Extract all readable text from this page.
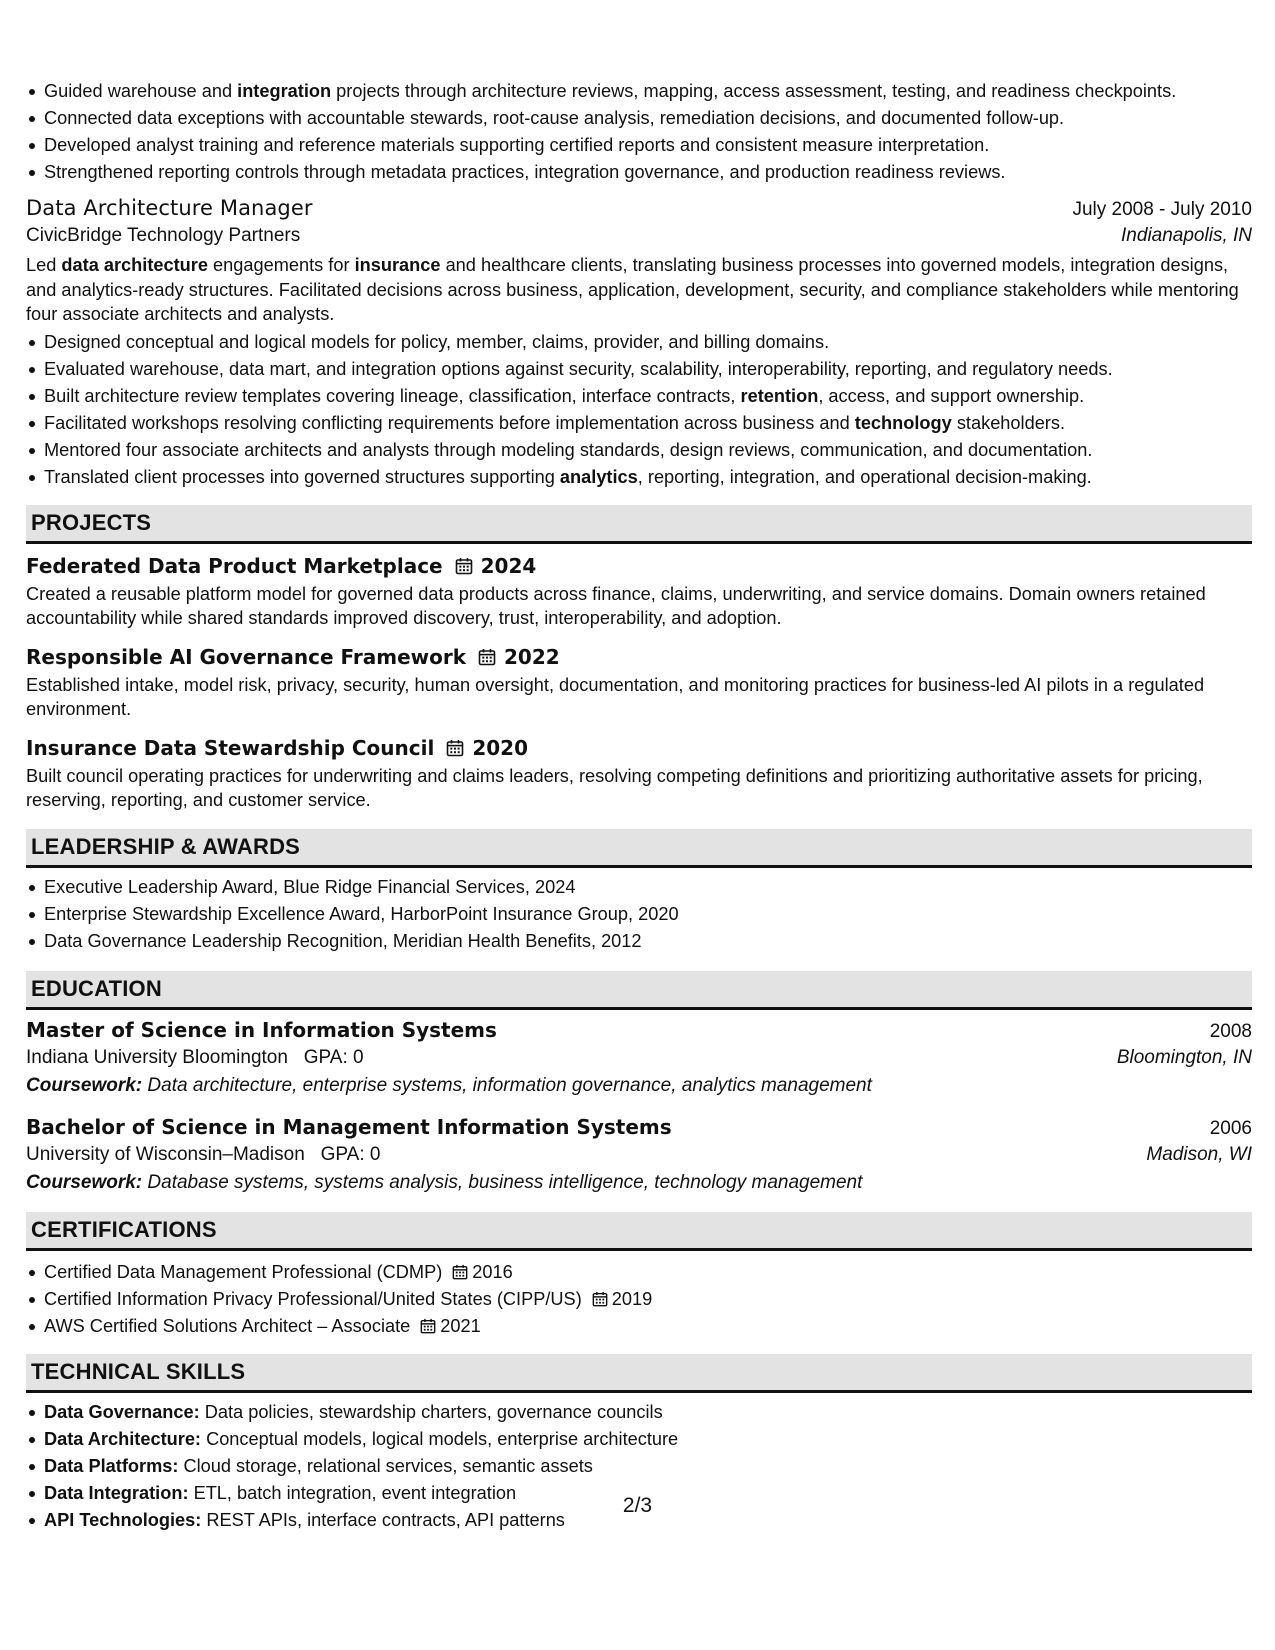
Guided warehouse and integration projects through architecture reviews, mapping, access assessment, testing, and readiness checkpoints.
Connected data exceptions with accountable stewards, root-cause analysis, remediation decisions, and documented follow-up.
Developed analyst training and reference materials supporting certified reports and consistent measure interpretation.
Strengthened reporting controls through metadata practices, integration governance, and production readiness reviews.
Data Architecture Manager	July 2008 - July 2010
CivicBridge Technology Partners	Indianapolis, IN
Led data architecture engagements for insurance and healthcare clients, translating business processes into governed models, integration designs, and analytics-ready structures. Facilitated decisions across business, application, development, security, and compliance stakeholders while mentoring four associate architects and analysts.
Designed conceptual and logical models for policy, member, claims, provider, and billing domains.
Evaluated warehouse, data mart, and integration options against security, scalability, interoperability, reporting, and regulatory needs.
Built architecture review templates covering lineage, classification, interface contracts, retention, access, and support ownership.
Facilitated workshops resolving conflicting requirements before implementation across business and technology stakeholders.
Mentored four associate architects and analysts through modeling standards, design reviews, communication, and documentation.
Translated client processes into governed structures supporting analytics, reporting, integration, and operational decision-making.
PROJECTS
Federated Data Product Marketplace 2024
Created a reusable platform model for governed data products across finance, claims, underwriting, and service domains. Domain owners retained accountability while shared standards improved discovery, trust, interoperability, and adoption.
Responsible AI Governance Framework 2022
Established intake, model risk, privacy, security, human oversight, documentation, and monitoring practices for business-led AI pilots in a regulated environment.
Insurance Data Stewardship Council 2020
Built council operating practices for underwriting and claims leaders, resolving competing definitions and prioritizing authoritative assets for pricing, reserving, reporting, and customer service.
LEADERSHIP & AWARDS
Executive Leadership Award, Blue Ridge Financial Services, 2024
Enterprise Stewardship Excellence Award, HarborPoint Insurance Group, 2020
Data Governance Leadership Recognition, Meridian Health Benefits, 2012
EDUCATION
Master of Science in Information Systems	2008
Indiana University Bloomington GPA: 0	Bloomington, IN
Coursework: Data architecture, enterprise systems, information governance, analytics management
Bachelor of Science in Management Information Systems	2006
University of Wisconsin–Madison GPA: 0	Madison, WI
Coursework: Database systems, systems analysis, business intelligence, technology management
CERTIFICATIONS
Certified Data Management Professional (CDMP) 2016
Certified Information Privacy Professional/United States (CIPP/US) 2019
AWS Certified Solutions Architect – Associate 2021
TECHNICAL SKILLS
Data Governance: Data policies, stewardship charters, governance councils
Data Architecture: Conceptual models, logical models, enterprise architecture
Data Platforms: Cloud storage, relational services, semantic assets
Data Integration: ETL, batch integration, event integration
API Technologies: REST APIs, interface contracts, API patterns
2/3
